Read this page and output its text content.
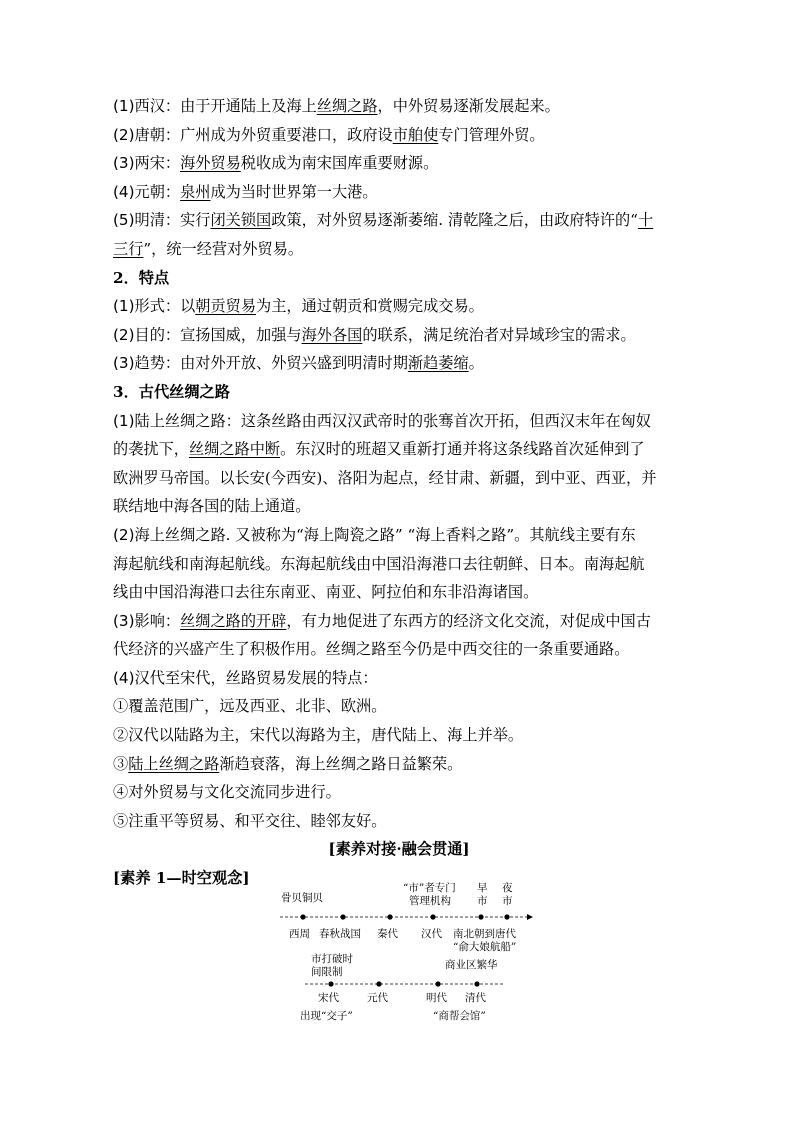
(1)西汉：由于开通陆上及海上丝绸之路，中外贸易逐渐发展起来。
(2)唐朝：广州成为外贸重要港口，政府设市舶使专门管理外贸。
(3)两宋：海外贸易税收成为南宋国库重要财源。
(4)元朝：泉州成为当时世界第一大港。
(5)明清：实行闭关锁国政策，对外贸易逐渐萎缩. 清乾隆之后，由政府特许的“十
三行”，统一经营对外贸易。
2．特点
(1)形式：以朝贡贸易为主，通过朝贡和赏赐完成交易。
(2)目的：宣扬国威，加强与海外各国的联系，满足统治者对异域珍宝的需求。
(3)趋势：由对外开放、外贸兴盛到明清时期渐趋萎缩。
3．古代丝绸之路
(1)陆上丝绸之路：这条丝路由西汉汉武帝时的张骞首次开拓，但西汉末年在匈奴
的袭扰下，丝绸之路中断。东汉时的班超又重新打通并将这条线路首次延伸到了
欧洲罗马帝国。以长安(今西安)、洛阳为起点，经甘肃、新疆，到中亚、西亚，并
联结地中海各国的陆上通道。
(2)海上丝绸之路. 又被称为“海上陶瓷之路” “海上香料之路”。其航线主要有东
海起航线和南海起航线。东海起航线由中国沿海港口去往朝鲜、日本。南海起航
线由中国沿海港口去往东南亚、南亚、阿拉伯和东非沿海诸国。
(3)影响：丝绸之路的开辟，有力地促进了东西方的经济文化交流，对促成中国古
代经济的兴盛产生了积极作用。丝绸之路至今仍是中西交往的一条重要通路。
(4)汉代至宋代，丝路贸易发展的特点：
①覆盖范围广，远及西亚、北非、欧洲。
②汉代以陆路为主，宋代以海路为主，唐代陆上、海上并举。
③陆上丝绸之路渐趋衰落，海上丝绸之路日益繁荣。
④对外贸易与文化交流同步进行。
⑤注重平等贸易、和平交往、睦邻友好。
[素养对接·融会贯通]
[素养 1—时空观念]
骨贝铜贝
“市”者专门
管理机构
早
市
夜
市
西周 春秋战国 秦代 汉代 南北朝到唐代
“俞大娘航船”
市打破时
间限制
商业区繁华
宋代	元代	明代 清代
出现“交子”	“商帮会馆”
